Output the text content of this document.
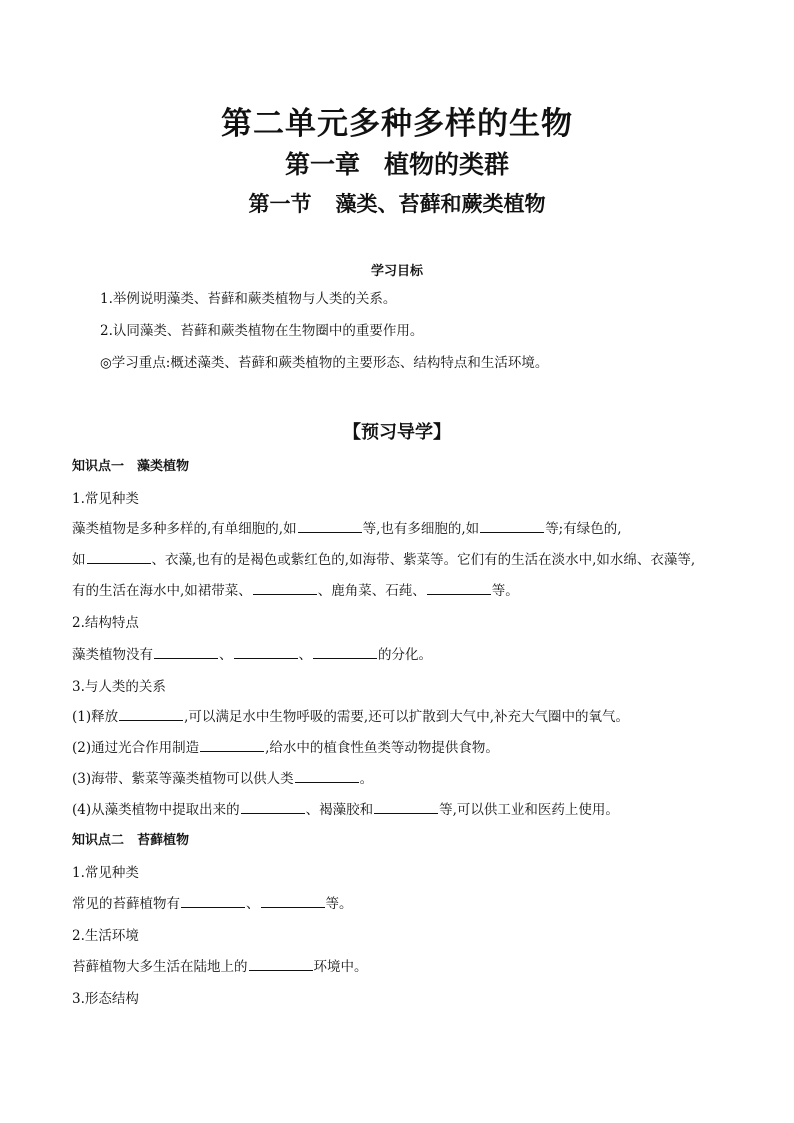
第二单元多种多样的生物
第一章 植物的类群
第一节 藻类、苔藓和蕨类植物
学习目标
1.举例说明藻类、苔藓和蕨类植物与人类的关系。
2.认同藻类、苔藓和蕨类植物在生物圈中的重要作用。
◎学习重点:概述藻类、苔藓和蕨类植物的主要形态、结构特点和生活环境。
【预习导学】
知识点一　藻类植物
1.常见种类
藻类植物是多种多样的,有单细胞的,如	等,也有多细胞的,如	等;有绿色的,
如	、衣藻,也有的是褐色或紫红色的,如海带、紫菜等。它们有的生活在淡水中,如水绵、衣藻等,
有的生活在海水中,如裙带菜、	、鹿角菜、石莼、	等。
2.结构特点
藻类植物没有	、	、	的分化。
3.与人类的关系
(1)释放	,可以满足水中生物呼吸的需要,还可以扩散到大气中,补充大气圈中的氧气。
(2)通过光合作用制造	,给水中的植食性鱼类等动物提供食物。
(3)海带、紫菜等藻类植物可以供人类	。
(4)从藻类植物中提取出来的	、褐藻胶和	等,可以供工业和医药上使用。
知识点二　苔藓植物
1.常见种类
常见的苔藓植物有	、	等。
2.生活环境
苔藓植物大多生活在陆地上的	环境中。
3.形态结构
